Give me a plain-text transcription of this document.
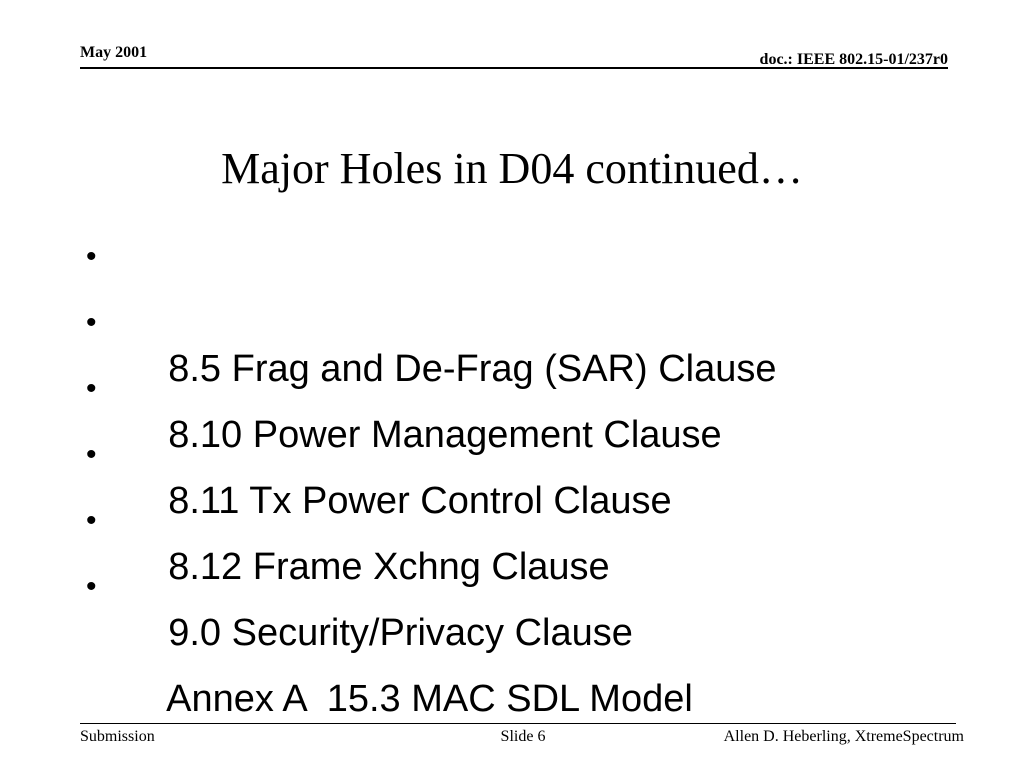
May 2001	doc.: IEEE 802.15-01/237r0
Major Holes in D04 continued…

•

8.5 Frag and De-Frag (SAR) Clause

•

8.10 Power Management Clause

•

8.11 Tx Power Control Clause

•

8.12 Frame Xchng Clause

•

9.0 Security/Privacy Clause

•

Annex A  15.3 MAC SDL Model

Submission	Slide 6	Allen D. Heberling, XtremeSpectrum
